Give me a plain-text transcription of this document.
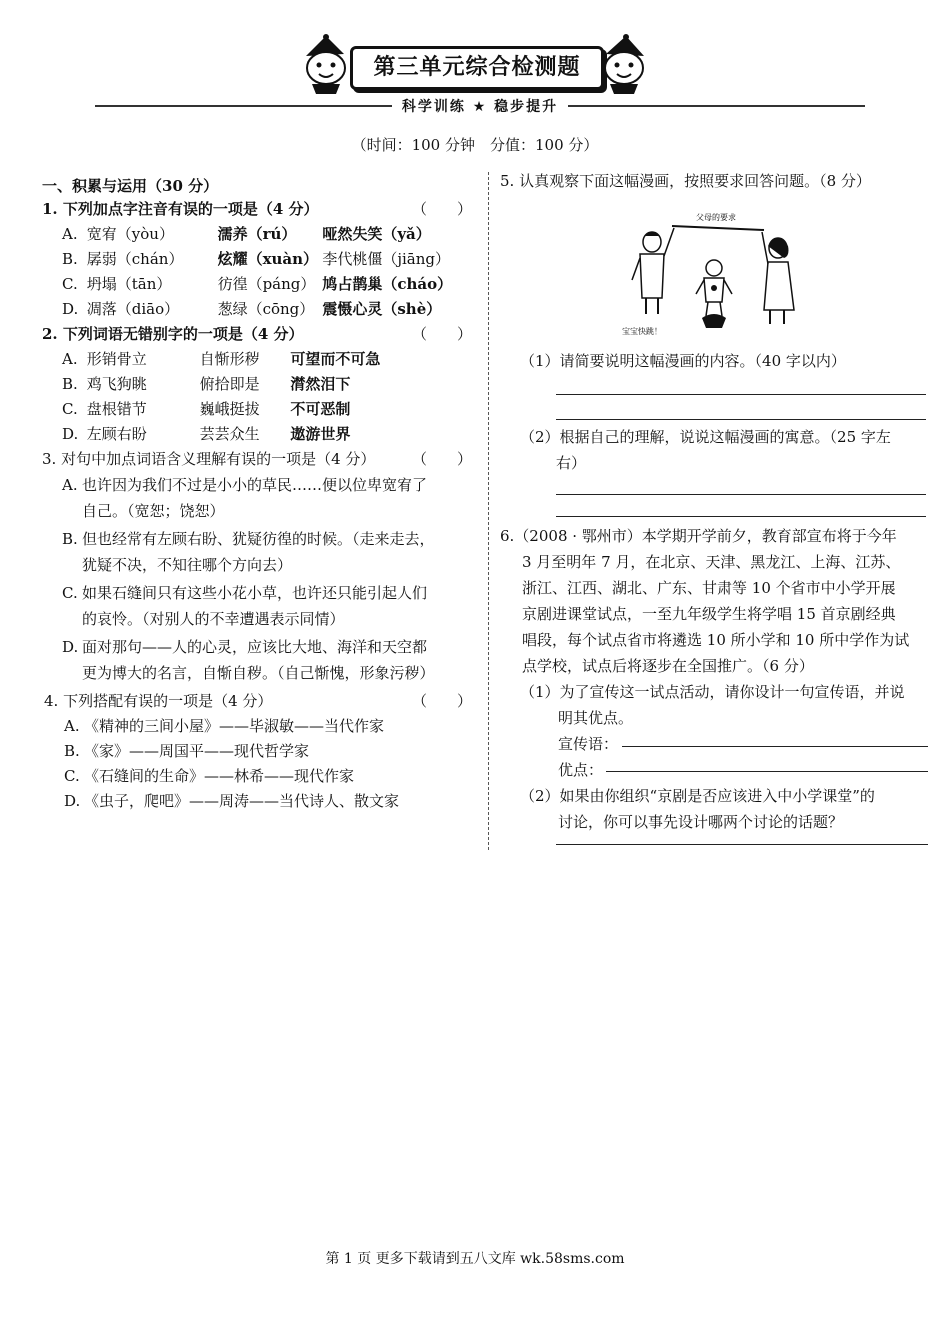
第三单元综合检测题
科学训练 ★ 稳步提升
（时间：100 分钟　分值：100 分）
一、积累与运用（30 分）
1. 下列加点字注音有误的一项是（4 分）	（　　）
A. 宽宥（yòu）	濡养（rú） 哑然失笑（yǎ）
B. 孱弱（chán） 炫耀（xuàn） 李代桃僵（jiāng）
C. 坍塌（tān）	彷徨（páng） 鸠占鹊巢（cháo）
D. 凋落（diāo）	葱绿（cōng） 震慑心灵（shè）
2. 下列词语无错别字的一项是（4 分）	（　　）
A. 形销骨立	自惭形秽 可望而不可急
B. 鸡飞狗眺	俯拾即是 潸然泪下
C. 盘根错节	巍峨挺拔 不可恶制
D. 左顾右盼	芸芸众生 遨游世界
3. 对句中加点词语含义理解有误的一项是（4 分） （　　）
A. 也许因为我们不过是小小的草民……便以位卑宽宥了
自己。（宽恕；饶恕）
B. 但也经常有左顾右盼、犹疑彷徨的时候。（走来走去，
犹疑不决，不知往哪个方向去）
C. 如果石缝间只有这些小花小草，也许还只能引起人们
的哀怜。（对别人的不幸遭遇表示同情）
D. 面对那句——人的心灵，应该比大地、海洋和天空都
更为博大的名言，自惭自秽。（自己惭愧，形象污秽）
4. 下列搭配有误的一项是（4 分）	（　　）
A. 《精神的三间小屋》——毕淑敏——当代作家
B. 《家》——周国平——现代哲学家
C. 《石缝间的生命》——林希——现代作家
D. 《虫子，爬吧》——周涛——当代诗人、散文家
5. 认真观察下面这幅漫画，按照要求回答问题。（8 分）
父母的要求
宝宝快跳！
（1）请简要说明这幅漫画的内容。（40 字以内）
（2）根据自己的理解，说说这幅漫画的寓意。（25 字左
右）
6.（2008 · 鄂州市）本学期开学前夕，教育部宣布将于今年
3 月至明年 7 月，在北京、天津、黑龙江、上海、江苏、
浙江、江西、湖北、广东、甘肃等 10 个省市中小学开展
京剧进课堂试点，一至九年级学生将学唱 15 首京剧经典
唱段，每个试点省市将遴选 10 所小学和 10 所中学作为试
点学校，试点后将逐步在全国推广。（6 分）
（1）为了宣传这一试点活动，请你设计一句宣传语，并说
明其优点。
宣传语：
优点：
（2）如果由你组织“京剧是否应该进入中小学课堂”的
讨论，你可以事先设计哪两个讨论的话题？
第 1 页 更多下载请到五八文库 wk.58sms.com
